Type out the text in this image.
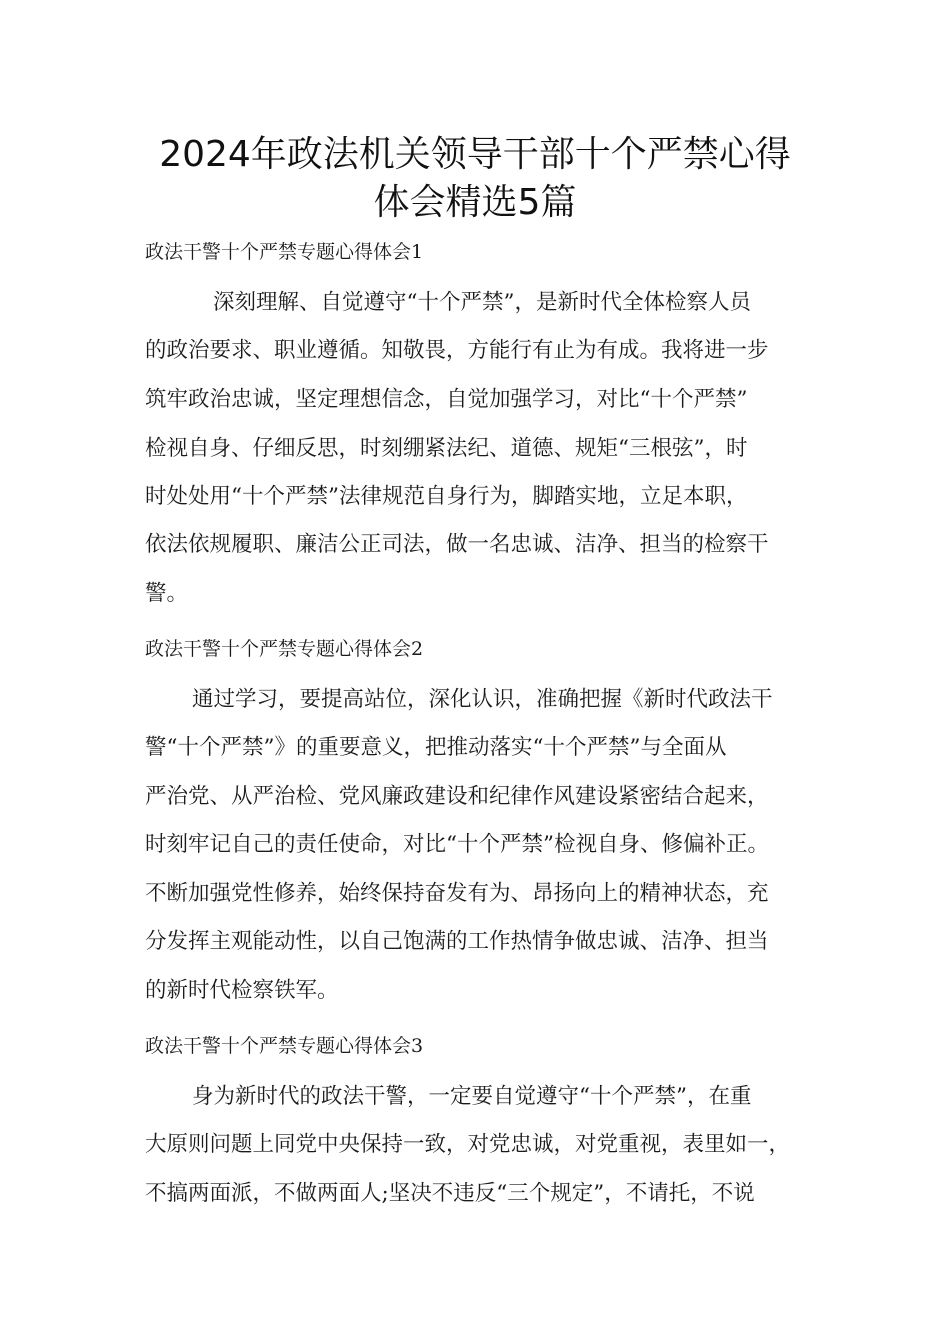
2024年政法机关领导干部十个严禁心得
体会精选5篇
政法干警十个严禁专题心得体会1

深刻理解、自觉遵守“十个严禁”，是新时代全体检察人员

的政治要求、职业遵循。知敬畏，方能行有止为有成。我将进一步

筑牢政治忠诚，坚定理想信念，自觉加强学习，对比“十个严禁”

检视自身、仔细反思，时刻绷紧法纪、道德、规矩“三根弦”，时

时处处用“十个严禁”法律规范自身行为，脚踏实地，立足本职，

依法依规履职、廉洁公正司法，做一名忠诚、洁净、担当的检察干

警。

政法干警十个严禁专题心得体会2

通过学习，要提高站位，深化认识，准确把握《新时代政法干

警“十个严禁”》的重要意义，把推动落实“十个严禁”与全面从

严治党、从严治检、党风廉政建设和纪律作风建设紧密结合起来，

时刻牢记自己的责任使命，对比“十个严禁”检视自身、修偏补正。

不断加强党性修养，始终保持奋发有为、昂扬向上的精神状态，充

分发挥主观能动性，以自己饱满的工作热情争做忠诚、洁净、担当

的新时代检察铁军。

政法干警十个严禁专题心得体会3

身为新时代的政法干警，一定要自觉遵守“十个严禁”，在重

大原则问题上同党中央保持一致，对党忠诚，对党重视，表里如一，

不搞两面派，不做两面人;坚决不违反“三个规定”，不请托，不说
